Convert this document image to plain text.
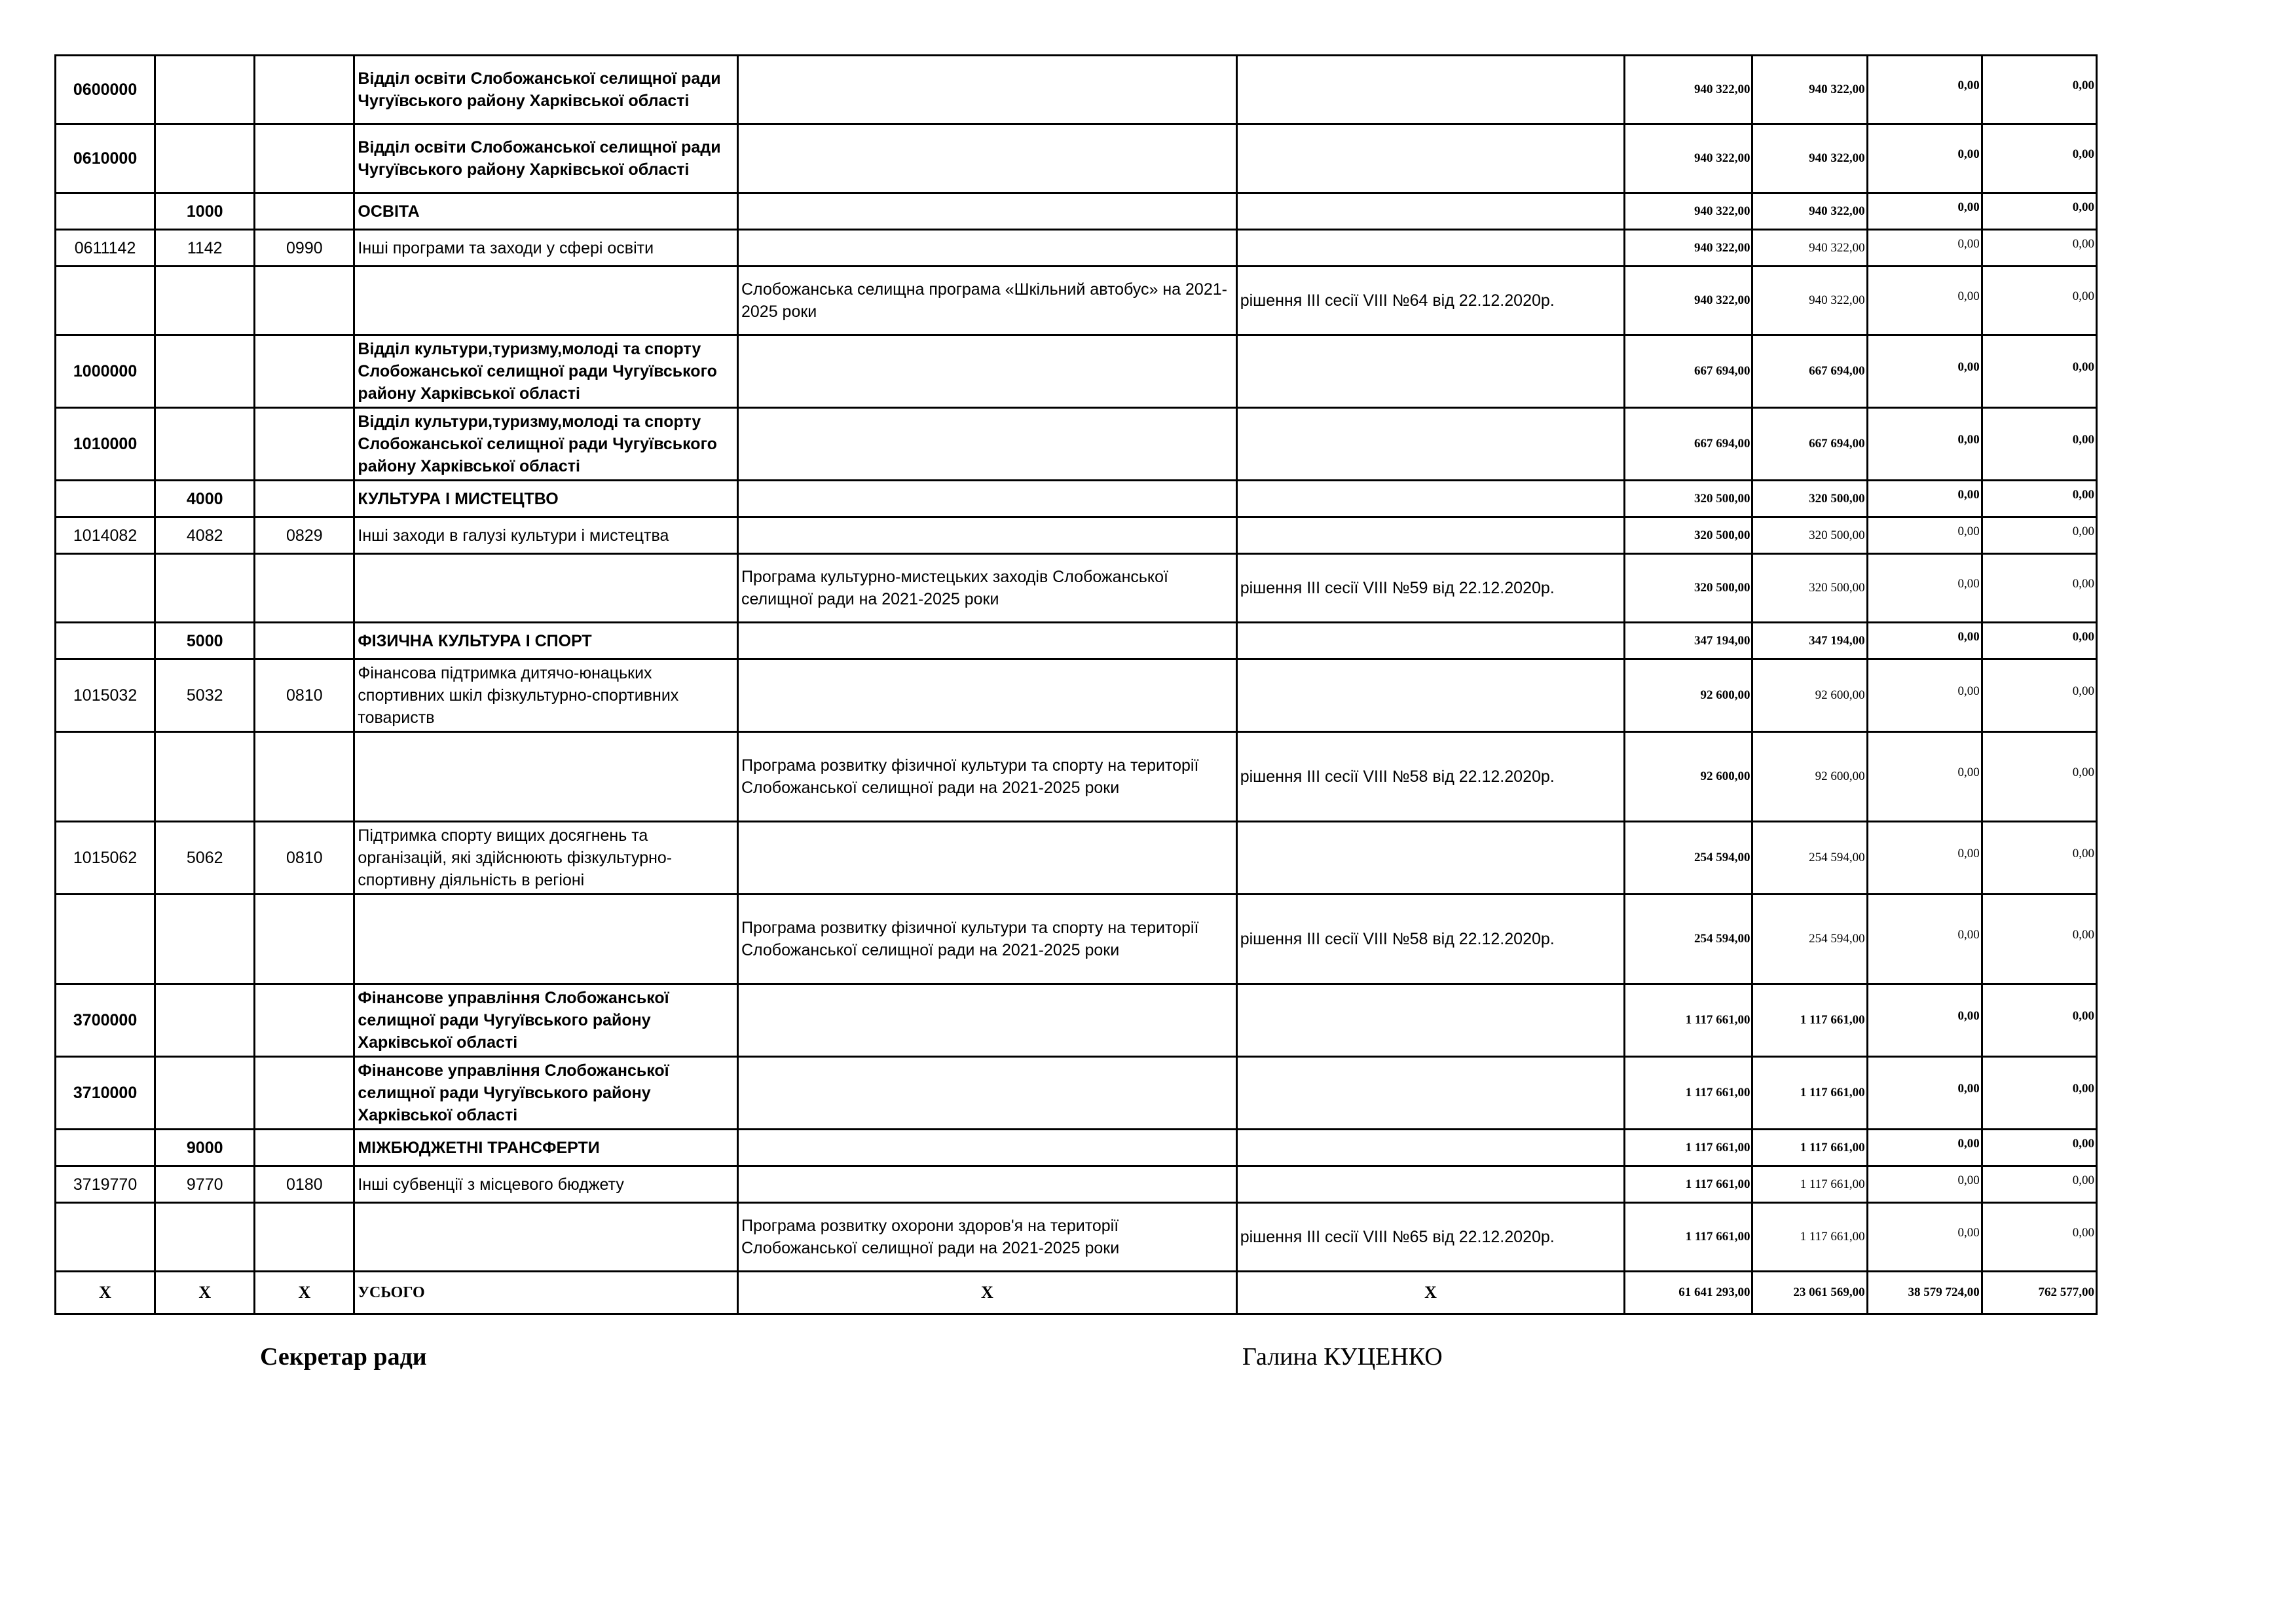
0600000			Відділ освіти Слобожанської селищної ради Чугуївського району Харківської області			940 322,00	940 322,00	0,00	0,00
0610000			Відділ освіти Слобожанської селищної ради Чугуївського району Харківської області			940 322,00	940 322,00	0,00	0,00
	1000		ОСВІТА			940 322,00	940 322,00	0,00	0,00
0611142	1142	0990	Інші програми та заходи у сфері освіти			940 322,00	940 322,00	0,00	0,00
				Слобожанська селищна програма «Шкільний автобус» на 2021-2025 роки	рішення ІІІ сесії VІІІ №64 від 22.12.2020р.	940 322,00	940 322,00	0,00	0,00
1000000			Відділ культури,туризму,молоді та спорту Слобожанської селищної ради Чугуївського району Харківської області			667 694,00	667 694,00	0,00	0,00
1010000			Відділ культури,туризму,молоді та спорту Слобожанської селищної ради Чугуївського району Харківської області			667 694,00	667 694,00	0,00	0,00
	4000		КУЛЬТУРА І МИСТЕЦТВО			320 500,00	320 500,00	0,00	0,00
1014082	4082	0829	Інші заходи в галузі культури і мистецтва			320 500,00	320 500,00	0,00	0,00
				Програма культурно-мистецьких заходів Слобожанської селищної ради на 2021-2025 роки	рішення ІІІ сесії VІІІ №59 від 22.12.2020р.	320 500,00	320 500,00	0,00	0,00
	5000		ФІЗИЧНА КУЛЬТУРА І СПОРТ			347 194,00	347 194,00	0,00	0,00
1015032	5032	0810	Фінансова підтримка дитячо-юнацьких спортивних шкіл фізкультурно-спортивних товариств			92 600,00	92 600,00	0,00	0,00
				Програма розвитку фізичної культури та спорту на території Слобожанської селищної ради на 2021-2025 роки	рішення ІІІ сесії VІІІ №58 від 22.12.2020р.	92 600,00	92 600,00	0,00	0,00
1015062	5062	0810	Підтримка спорту вищих досягнень та організацій, які здійснюють фізкультурно-спортивну діяльність в регіоні			254 594,00	254 594,00	0,00	0,00
				Програма розвитку фізичної культури та спорту на території Слобожанської селищної ради на 2021-2025 роки	рішення ІІІ сесії VІІІ №58 від 22.12.2020р.	254 594,00	254 594,00	0,00	0,00
3700000			Фінансове управління Слобожанської селищної ради Чугуївського району Харківської області			1 117 661,00	1 117 661,00	0,00	0,00
3710000			Фінансове управління Слобожанської селищної ради Чугуївського району Харківської області			1 117 661,00	1 117 661,00	0,00	0,00
	9000		МІЖБЮДЖЕТНІ ТРАНСФЕРТИ			1 117 661,00	1 117 661,00	0,00	0,00
3719770	9770	0180	Інші субвенції з місцевого бюджету			1 117 661,00	1 117 661,00	0,00	0,00
				Програма розвитку охорони здоров'я на території Слобожанської селищної ради на 2021-2025 роки	рішення ІІІ сесії VІІІ №65 від 22.12.2020р.	1 117 661,00	1 117 661,00	0,00	0,00
Х	Х	Х	УСЬОГО	Х	Х	61 641 293,00	23 061 569,00	38 579 724,00	762 577,00
Секретар ради	Галина КУЦЕНКО
